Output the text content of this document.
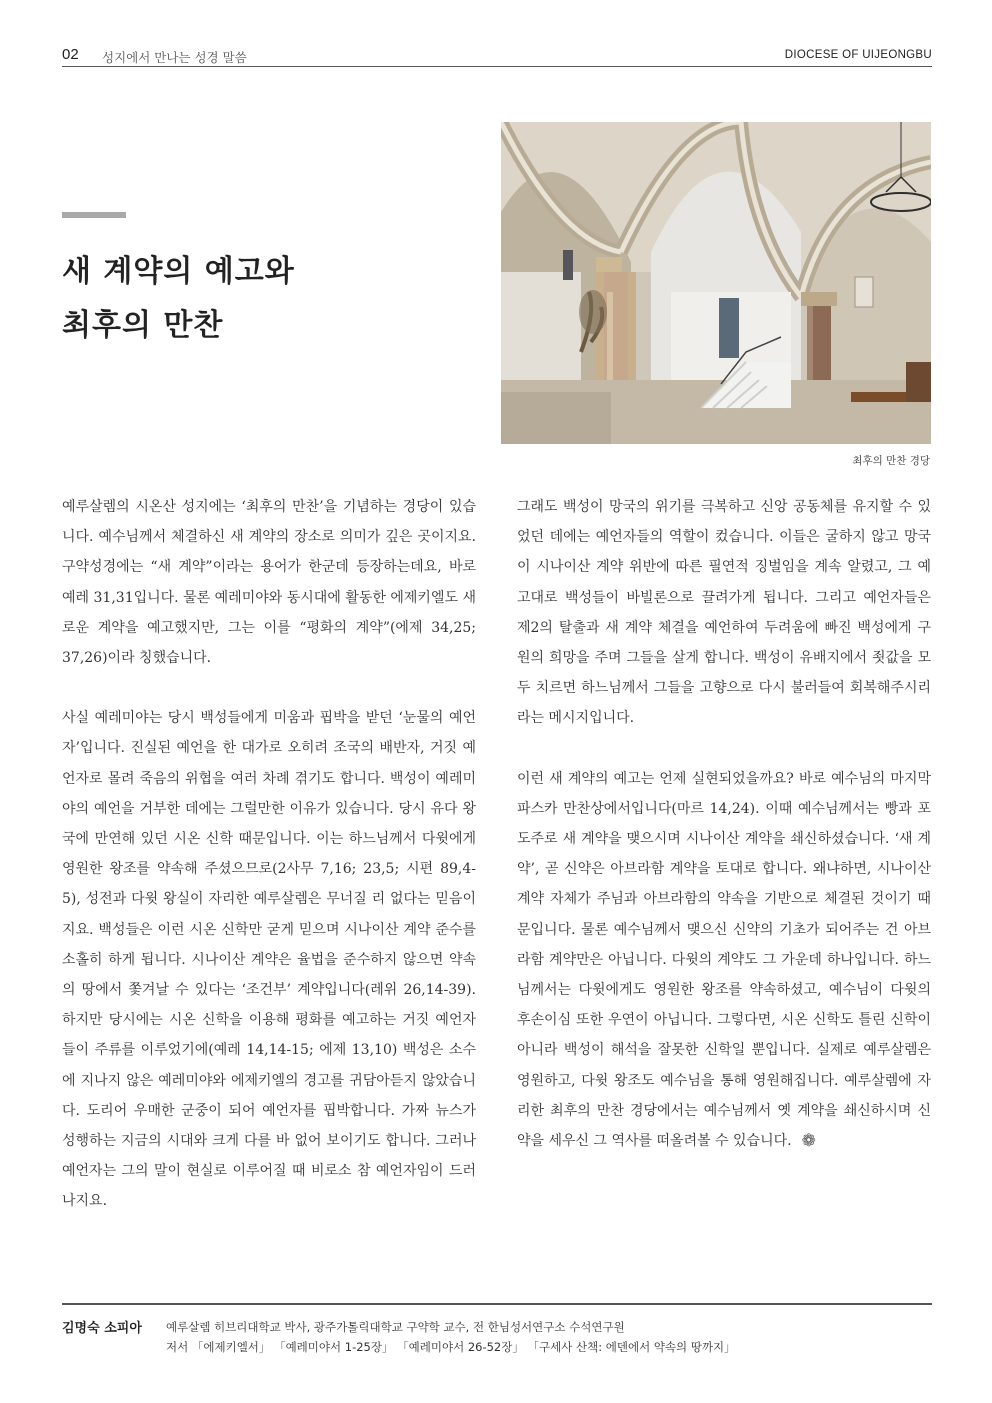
02 성지에서 만나는 성경 말씀	DIOCESE OF UIJEONGBU
새 계약의 예고와
최후의 만찬
최후의 만찬 경당

예루살렘의 시온산 성지에는 ‘최후의 만찬’을 기념하는 경당이 있습니다. 예수님께서 체결하신 새 계약의 장소로 의미가 깊은 곳이지요. 구약성경에는 “새 계약”이라는 용어가 한군데 등장하는데요, 바로 예레 31,31입니다. 물론 예레미야와 동시대에 활동한 에제키엘도 새로운 계약을 예고했지만, 그는 이를 “평화의 계약”(에제 34,25; 37,26)이라 칭했습니다.

사실 예레미야는 당시 백성들에게 미움과 핍박을 받던 ‘눈물의 예언자’입니다. 진실된 예언을 한 대가로 오히려 조국의 배반자, 거짓 예언자로 몰려 죽음의 위협을 여러 차례 겪기도 합니다. 백성이 예레미야의 예언을 거부한 데에는 그럴만한 이유가 있습니다. 당시 유다 왕국에 만연해 있던 시온 신학 때문입니다. 이는 하느님께서 다윗에게 영원한 왕조를 약속해 주셨으므로(2사무 7,16; 23,5; 시편 89,4-5), 성전과 다윗 왕실이 자리한 예루살렘은 무너질 리 없다는 믿음이지요. 백성들은 이런 시온 신학만 굳게 믿으며 시나이산 계약 준수를 소홀히 하게 됩니다. 시나이산 계약은 율법을 준수하지 않으면 약속의 땅에서 쫓겨날 수 있다는 ‘조건부’ 계약입니다(레위 26,14-39). 하지만 당시에는 시온 신학을 이용해 평화를 예고하는 거짓 예언자들이 주류를 이루었기에(예레 14,14-15; 에제 13,10) 백성은 소수에 지나지 않은 예레미야와 에제키엘의 경고를 귀담아듣지 않았습니다. 도리어 우매한 군중이 되어 예언자를 핍박합니다. 가짜 뉴스가 성행하는 지금의 시대와 크게 다를 바 없어 보이기도 합니다. 그러나 예언자는 그의 말이 현실로 이루어질 때 비로소 참 예언자임이 드러나지요.

그래도 백성이 망국의 위기를 극복하고 신앙 공동체를 유지할 수 있었던 데에는 예언자들의 역할이 컸습니다. 이들은 굴하지 않고 망국이 시나이산 계약 위반에 따른 필연적 징벌임을 계속 알렸고, 그 예고대로 백성들이 바빌론으로 끌려가게 됩니다. 그리고 예언자들은 제2의 탈출과 새 계약 체결을 예언하여 두려움에 빠진 백성에게 구원의 희망을 주며 그들을 살게 합니다. 백성이 유배지에서 죗값을 모두 치르면 하느님께서 그들을 고향으로 다시 불러들여 회복해주시리라는 메시지입니다.

이런 새 계약의 예고는 언제 실현되었을까요? 바로 예수님의 마지막 파스카 만찬상에서입니다(마르 14,24). 이때 예수님께서는 빵과 포도주로 새 계약을 맺으시며 시나이산 계약을 쇄신하셨습니다. ‘새 계약’, 곧 신약은 아브라함 계약을 토대로 합니다. 왜냐하면, 시나이산 계약 자체가 주님과 아브라함의 약속을 기반으로 체결된 것이기 때문입니다. 물론 예수님께서 맺으신 신약의 기초가 되어주는 건 아브라함 계약만은 아닙니다. 다윗의 계약도 그 가운데 하나입니다. 하느님께서는 다윗에게도 영원한 왕조를 약속하셨고, 예수님이 다윗의 후손이심 또한 우연이 아닙니다. 그렇다면, 시온 신학도 틀린 신학이 아니라 백성이 해석을 잘못한 신학일 뿐입니다. 실제로 예루살렘은 영원하고, 다윗 왕조도 예수님을 통해 영원해집니다. 예루살렘에 자리한 최후의 만찬 경당에서는 예수님께서 옛 계약을 쇄신하시며 신약을 세우신 그 역사를 떠올려볼 수 있습니다. ❁

김명숙 소피아 예루살렘 히브리대학교 박사, 광주가톨릭대학교 구약학 교수, 전 한님성서연구소 수석연구원
저서 「에제키엘서」 「예레미야서 1-25장」 「예레미야서 26-52장」 「구세사 산책: 에덴에서 약속의 땅까지」
